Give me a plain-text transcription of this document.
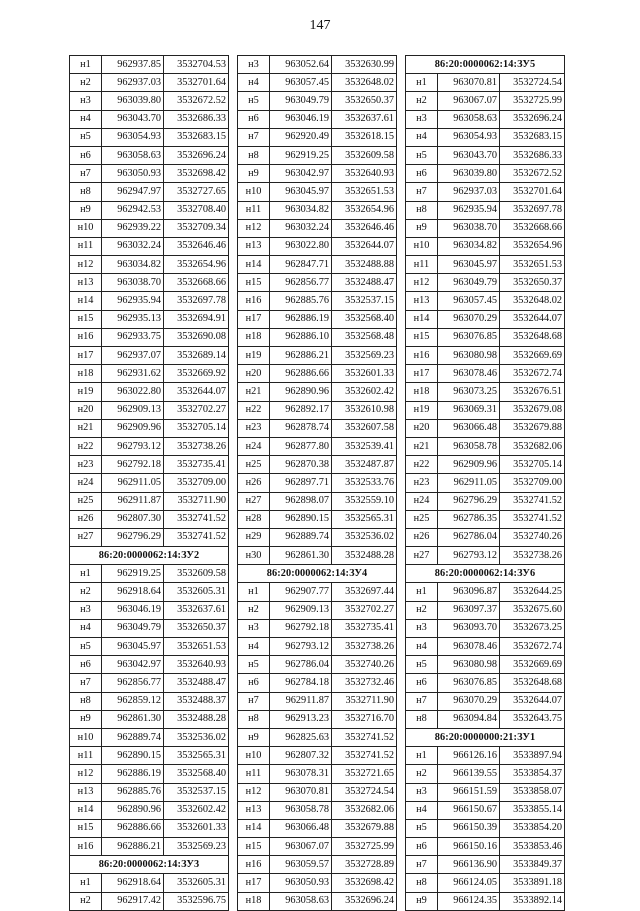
147
н1	962937.85	3532704.53
н2	962937.03	3532701.64
н3	963039.80	3532672.52
н4	963043.70	3532686.33
н5	963054.93	3532683.15
н6	963058.63	3532696.24
н7	963050.93	3532698.42
н8	962947.97	3532727.65
н9	962942.53	3532708.40
н10	962939.22	3532709.34
н11	963032.24	3532646.46
н12	963034.82	3532654.96
н13	963038.70	3532668.66
н14	962935.94	3532697.78
н15	962935.13	3532694.91
н16	962933.75	3532690.08
н17	962937.07	3532689.14
н18	962931.62	3532669.92
н19	963022.80	3532644.07
н20	962909.13	3532702.27
н21	962909.96	3532705.14
н22	962793.12	3532738.26
н23	962792.18	3532735.41
н24	962911.05	3532709.00
н25	962911.87	3532711.90
н26	962807.30	3532741.52
н27	962796.29	3532741.52
86:20:0000062:14:ЗУ2		
н1	962919.25	3532609.58
н2	962918.64	3532605.31
н3	963046.19	3532637.61
н4	963049.79	3532650.37
н5	963045.97	3532651.53
н6	963042.97	3532640.93
н7	962856.77	3532488.47
н8	962859.12	3532488.37
н9	962861.30	3532488.28
н10	962889.74	3532536.02
н11	962890.15	3532565.31
н12	962886.19	3532568.40
н13	962885.76	3532537.15
н14	962890.96	3532602.42
н15	962886.66	3532601.33
н16	962886.21	3532569.23
86:20:0000062:14:ЗУ3		
н1	962918.64	3532605.31
н2	962917.42	3532596.75
н3	963052.64	3532630.99
н4	963057.45	3532648.02
н5	963049.79	3532650.37
н6	963046.19	3532637.61
н7	962920.49	3532618.15
н8	962919.25	3532609.58
н9	963042.97	3532640.93
н10	963045.97	3532651.53
н11	963034.82	3532654.96
н12	963032.24	3532646.46
н13	963022.80	3532644.07
н14	962847.71	3532488.88
н15	962856.77	3532488.47
н16	962885.76	3532537.15
н17	962886.19	3532568.40
н18	962886.10	3532568.48
н19	962886.21	3532569.23
н20	962886.66	3532601.33
н21	962890.96	3532602.42
н22	962892.17	3532610.98
н23	962878.74	3532607.58
н24	962877.80	3532539.41
н25	962870.38	3532487.87
н26	962897.71	3532533.76
н27	962898.07	3532559.10
н28	962890.15	3532565.31
н29	962889.74	3532536.02
н30	962861.30	3532488.28
86:20:0000062:14:ЗУ4		
н1	962907.77	3532697.44
н2	962909.13	3532702.27
н3	962792.18	3532735.41
н4	962793.12	3532738.26
н5	962786.04	3532740.26
н6	962784.18	3532732.46
н7	962911.87	3532711.90
н8	962913.23	3532716.70
н9	962825.63	3532741.52
н10	962807.32	3532741.52
н11	963078.31	3532721.65
н12	963070.81	3532724.54
н13	963058.78	3532682.06
н14	963066.48	3532679.88
н15	963067.07	3532725.99
н16	963059.57	3532728.89
н17	963050.93	3532698.42
н18	963058.63	3532696.24
86:20:0000062:14:ЗУ5		
н1	963070.81	3532724.54
н2	963067.07	3532725.99
н3	963058.63	3532696.24
н4	963054.93	3532683.15
н5	963043.70	3532686.33
н6	963039.80	3532672.52
н7	962937.03	3532701.64
н8	962935.94	3532697.78
н9	963038.70	3532668.66
н10	963034.82	3532654.96
н11	963045.97	3532651.53
н12	963049.79	3532650.37
н13	963057.45	3532648.02
н14	963070.29	3532644.07
н15	963076.85	3532648.68
н16	963080.98	3532669.69
н17	963078.46	3532672.74
н18	963073.25	3532676.51
н19	963069.31	3532679.08
н20	963066.48	3532679.88
н21	963058.78	3532682.06
н22	962909.96	3532705.14
н23	962911.05	3532709.00
н24	962796.29	3532741.52
н25	962786.35	3532741.52
н26	962786.04	3532740.26
н27	962793.12	3532738.26
86:20:0000062:14:ЗУ6		
н1	963096.87	3532644.25
н2	963097.37	3532675.60
н3	963093.70	3532673.25
н4	963078.46	3532672.74
н5	963080.98	3532669.69
н6	963076.85	3532648.68
н7	963070.29	3532644.07
н8	963094.84	3532643.75
86:20:0000000:21:ЗУ1		
н1	966126.16	3533897.94
н2	966139.55	3533854.37
н3	966151.59	3533858.07
н4	966150.67	3533855.14
н5	966150.39	3533854.20
н6	966150.16	3533853.46
н7	966136.90	3533849.37
н8	966124.05	3533891.18
н9	966124.35	3533892.14
